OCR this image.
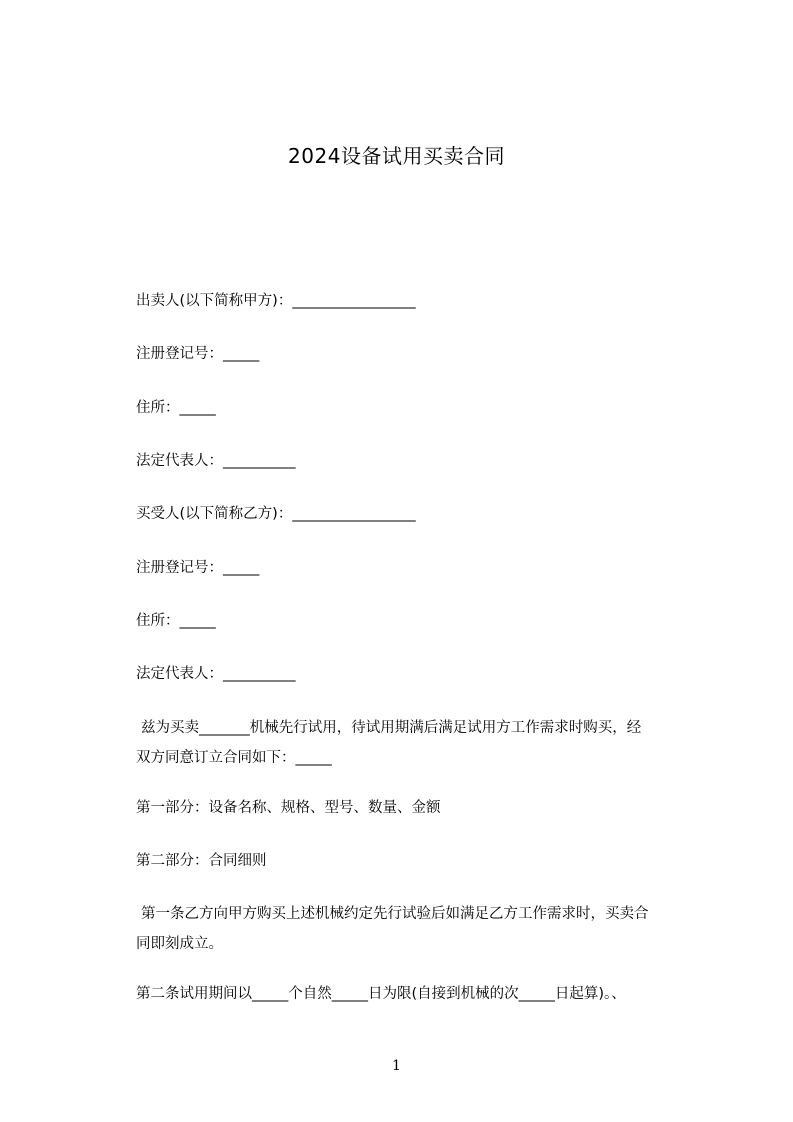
2024设备试用买卖合同
出卖人(以下简称甲方)：_________________
注册登记号：_____
住所：_____
法定代表人：__________
买受人(以下简称乙方)：_________________
注册登记号：_____
住所：_____
法定代表人：__________
兹为买卖_______机械先行试用，待试用期满后满足试用方工作需求时购买，经
双方同意订立合同如下：_____
第一部分：设备名称、规格、型号、数量、金额
第二部分：合同细则
第一条乙方向甲方购买上述机械约定先行试验后如满足乙方工作需求时，买卖合
同即刻成立。
第二条试用期间以_____个自然_____日为限(自接到机械的次_____日起算)。、
1
